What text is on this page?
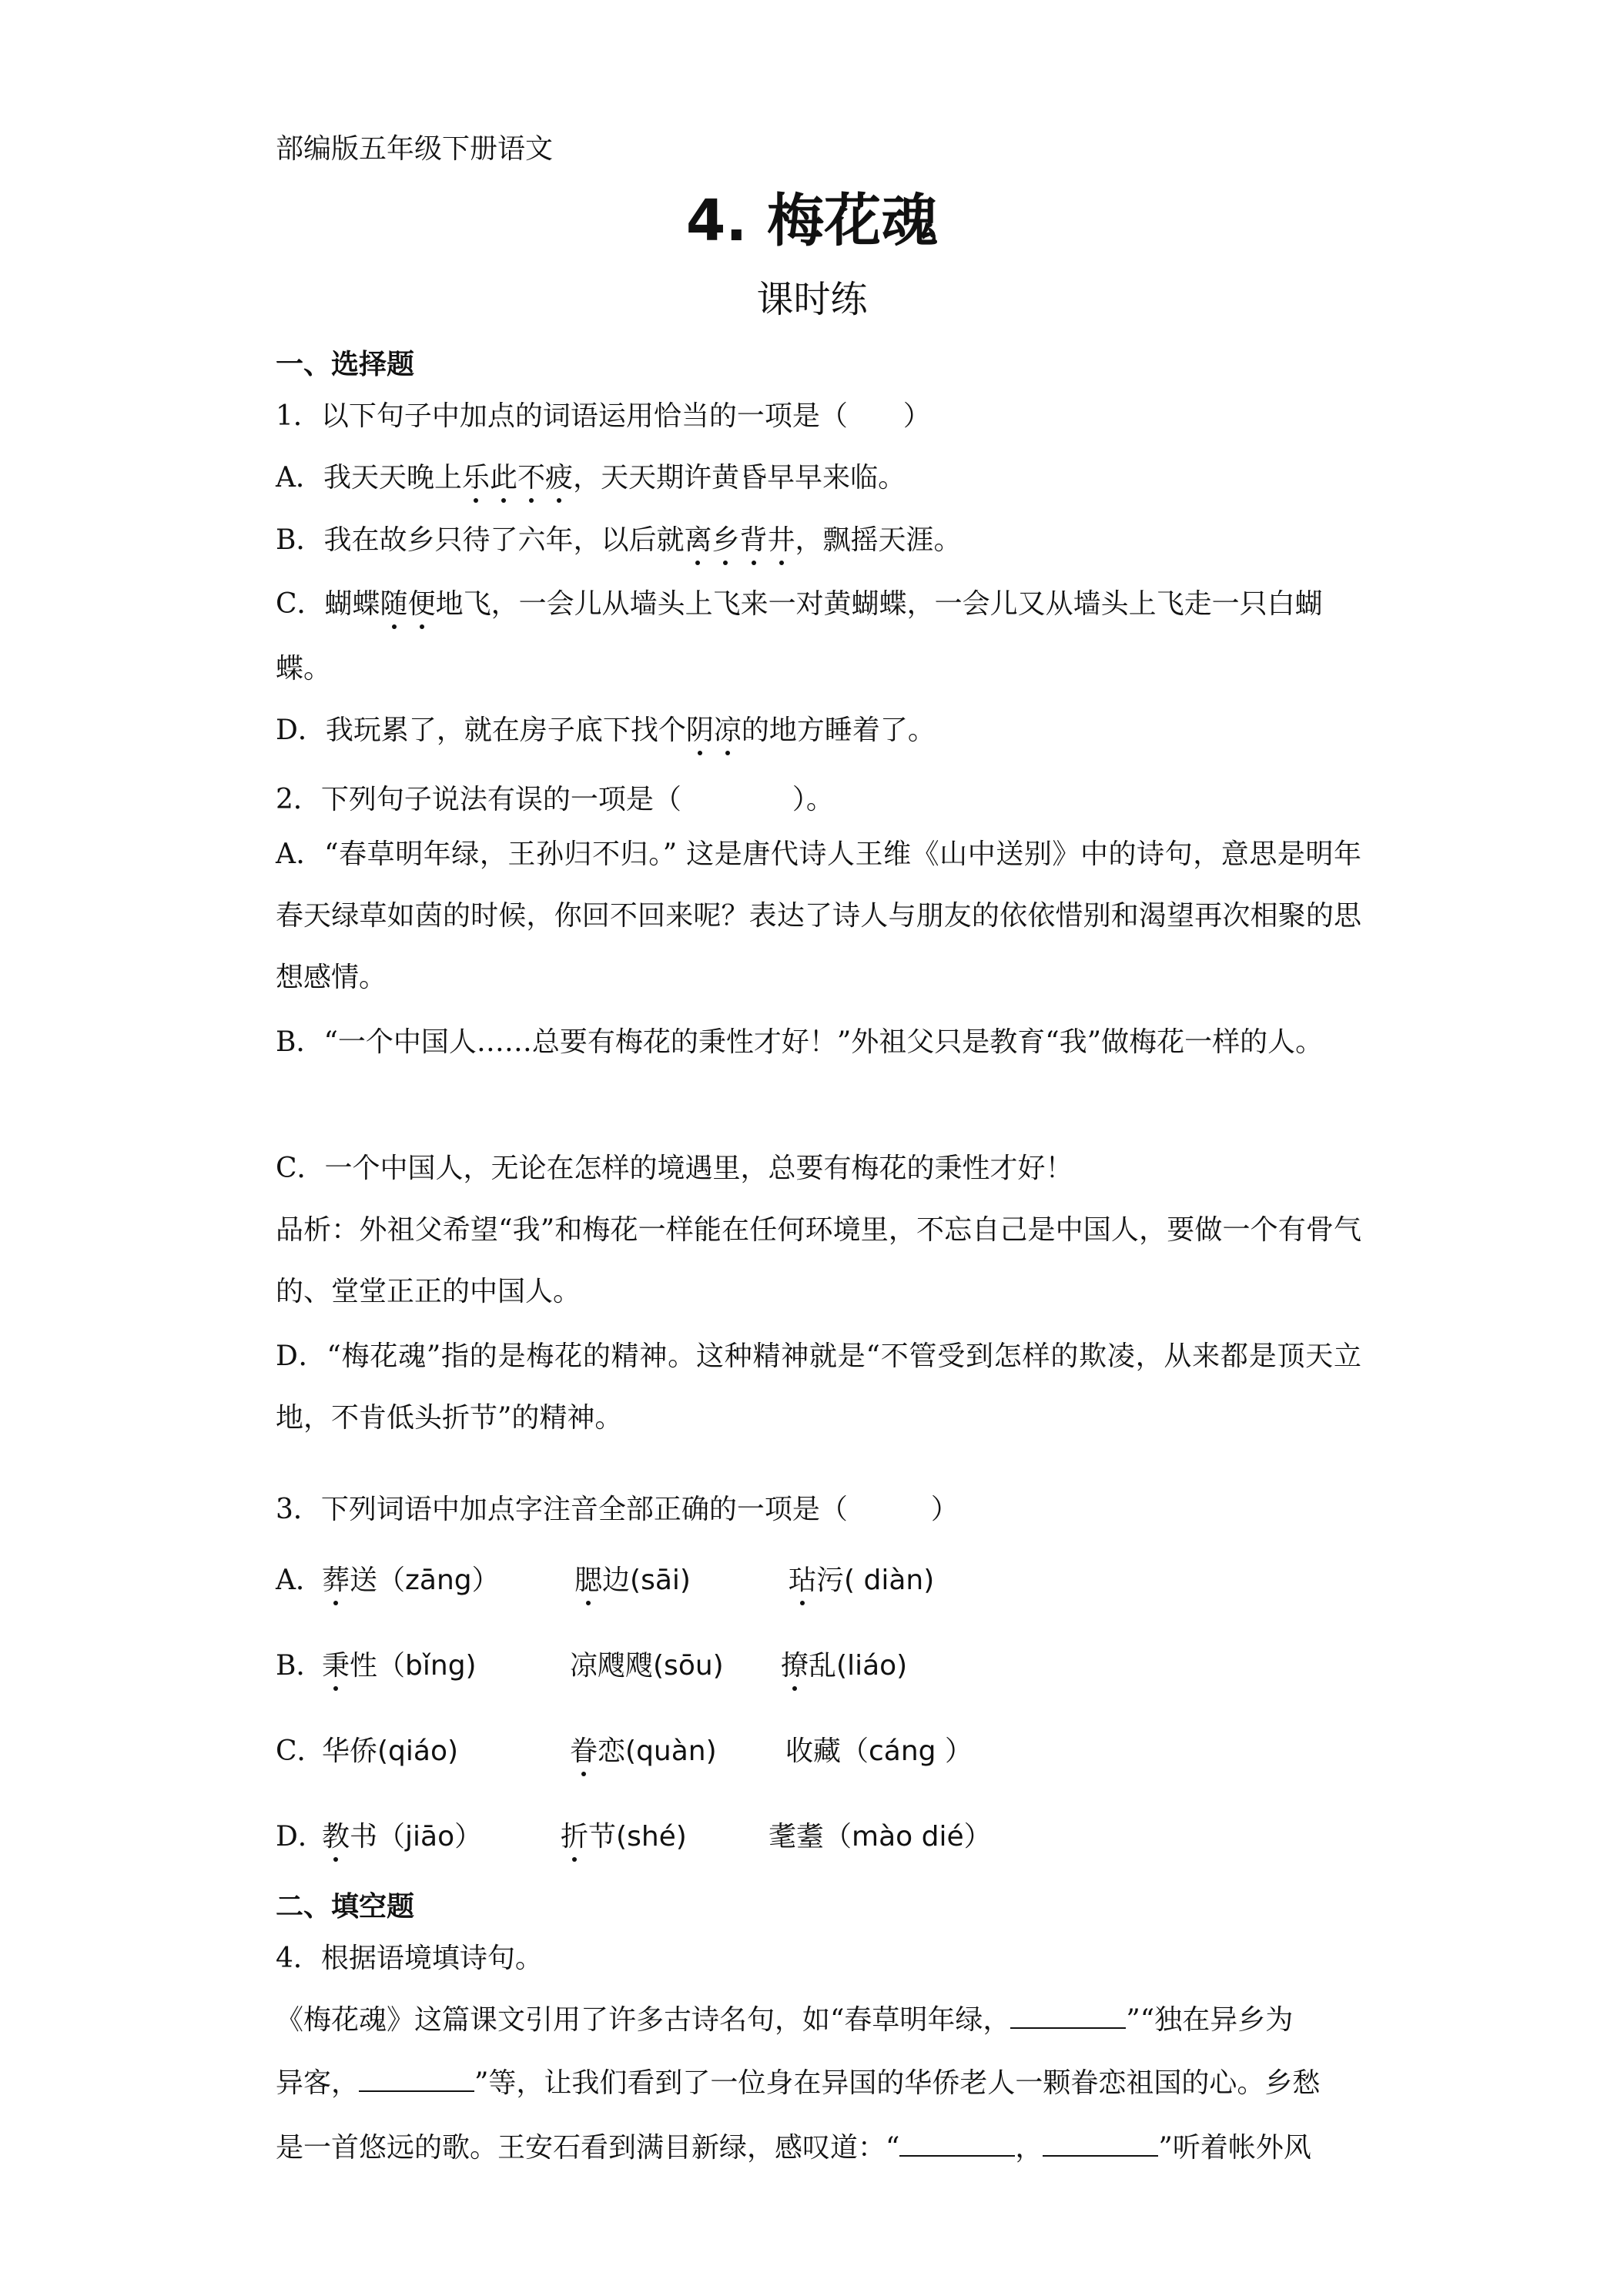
部编版五年级下册语文
4. 梅花魂
课时练
一、选择题
1．以下句子中加点的词语运用恰当的一项是（　　）
A．我天天晚上乐此不疲，天天期许黄昏早早来临。
B．我在故乡只待了六年，以后就离乡背井，飘摇天涯。
C．蝴蝶随便地飞，一会儿从墙头上飞来一对黄蝴蝶，一会儿又从墙头上飞走一只白蝴
蝶。
D．我玩累了，就在房子底下找个阴凉的地方睡着了。
2．下列句子说法有误的一项是（　　　　）。
A．“春草明年绿，王孙归不归。” 这是唐代诗人王维《山中送别》中的诗句，意思是明年春天绿草如茵的时候，你回不回来呢？表达了诗人与朋友的依依惜别和渴望再次相聚的思想感情。
B．“一个中国人……总要有梅花的秉性才好！”外祖父只是教育“我”做梅花一样的人。
C．一个中国人，无论在怎样的境遇里，总要有梅花的秉性才好！
品析：外祖父希望“我”和梅花一样能在任何环境里，不忘自己是中国人，要做一个有骨气的、堂堂正正的中国人。
D．“梅花魂”指的是梅花的精神。这种精神就是“不管受到怎样的欺凌，从来都是顶天立地，不肯低头折节”的精神。
3．下列词语中加点字注音全部正确的一项是（　　　）
A．
葬送（zāng）	腮边(sāi)	玷污( diàn)
B．
秉性（bǐng)	凉飕飕(sōu) 撩乱(liáo)
C．
华侨(qiáo)	眷恋(quàn) 收藏（cáng ）
D．
教书（jiāo）	折节(shé)	耄耋（mào dié）
二、填空题
4．根据语境填诗句。
《梅花魂》这篇课文引用了许多古诗名句，如“春草明年绿，	”“独在异乡为
异客，	”等，让我们看到了一位身在异国的华侨老人一颗眷恋祖国的心。乡愁
是一首悠远的歌。王安石看到满目新绿，感叹道：“	，	”听着帐外风
